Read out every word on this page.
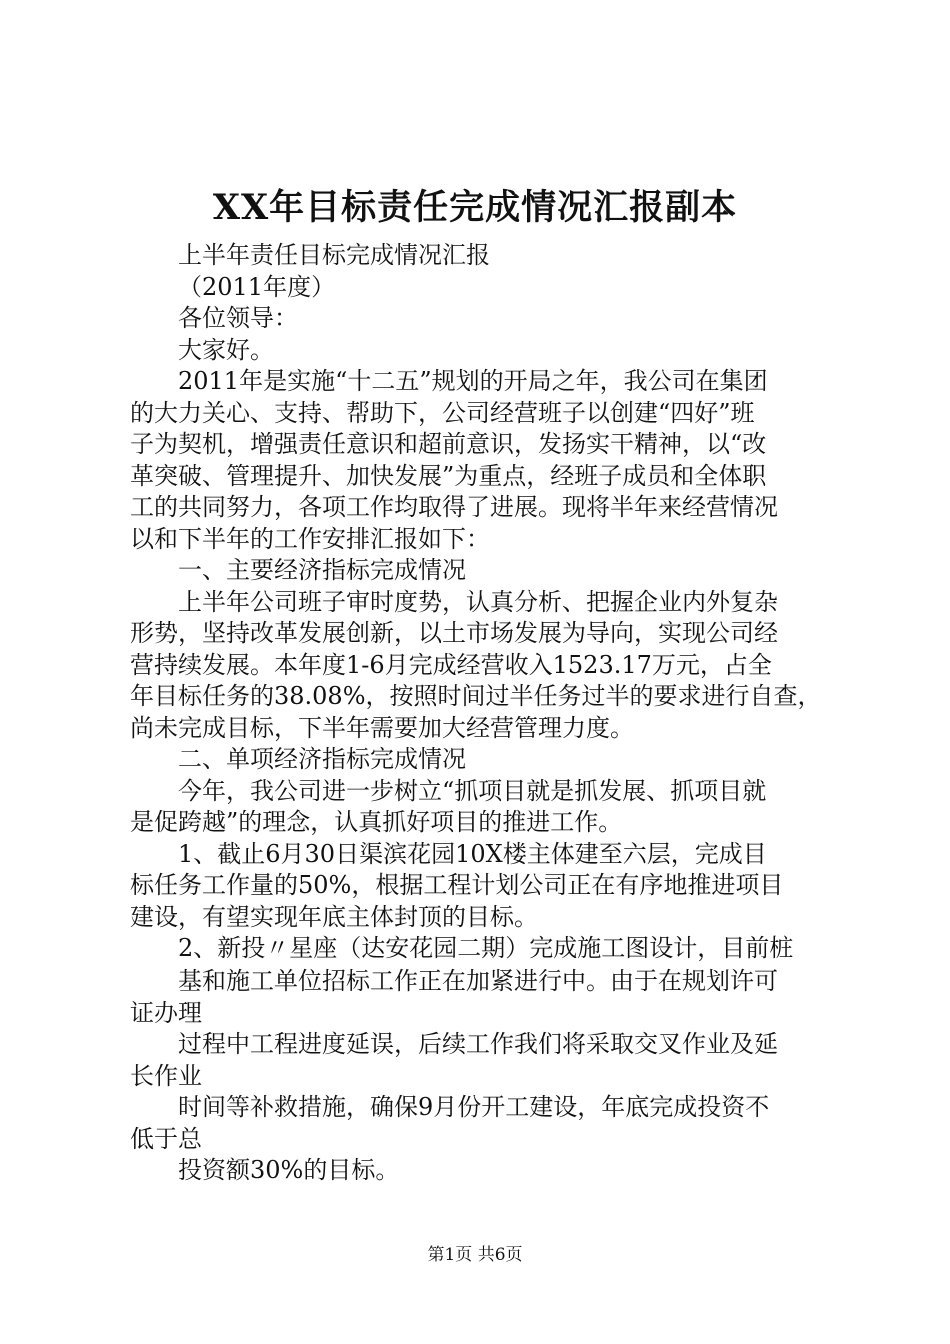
XX年目标责任完成情况汇报副本
上半年责任目标完成情况汇报
（2011年度）
各位领导：
大家好。
2011年是实施“十二五”规划的开局之年，我公司在集团
的大力关心、支持、帮助下，公司经营班子以创建“四好”班
子为契机，增强责任意识和超前意识，发扬实干精神，以“改
革突破、管理提升、加快发展”为重点，经班子成员和全体职
工的共同努力，各项工作均取得了进展。现将半年来经营情况
以和下半年的工作安排汇报如下：
一、主要经济指标完成情况
上半年公司班子审时度势，认真分析、把握企业内外复杂
形势，坚持改革发展创新，以土市场发展为导向，实现公司经
营持续发展。本年度1-6月完成经营收入1523.17万元，占全
年目标任务的38.08%，按照时间过半任务过半的要求进行自查，
尚未完成目标，下半年需要加大经营管理力度。
二、单项经济指标完成情况
今年，我公司进一步树立“抓项目就是抓发展、抓项目就
是促跨越”的理念，认真抓好项目的推进工作。
1、截止6月30日渠滨花园10X楼主体建至六层，完成目
标任务工作量的50%，根据工程计划公司正在有序地推进项目
建设，有望实现年底主体封顶的目标。
2、新投〃星座（达安花园二期）完成施工图设计，目前桩
基和施工单位招标工作正在加紧进行中。由于在规划许可
证办理
过程中工程进度延误，后续工作我们将采取交叉作业及延
长作业
时间等补救措施，确保9月份开工建设，年底完成投资不
低于总
投资额30%的目标。
第1页 共6页
